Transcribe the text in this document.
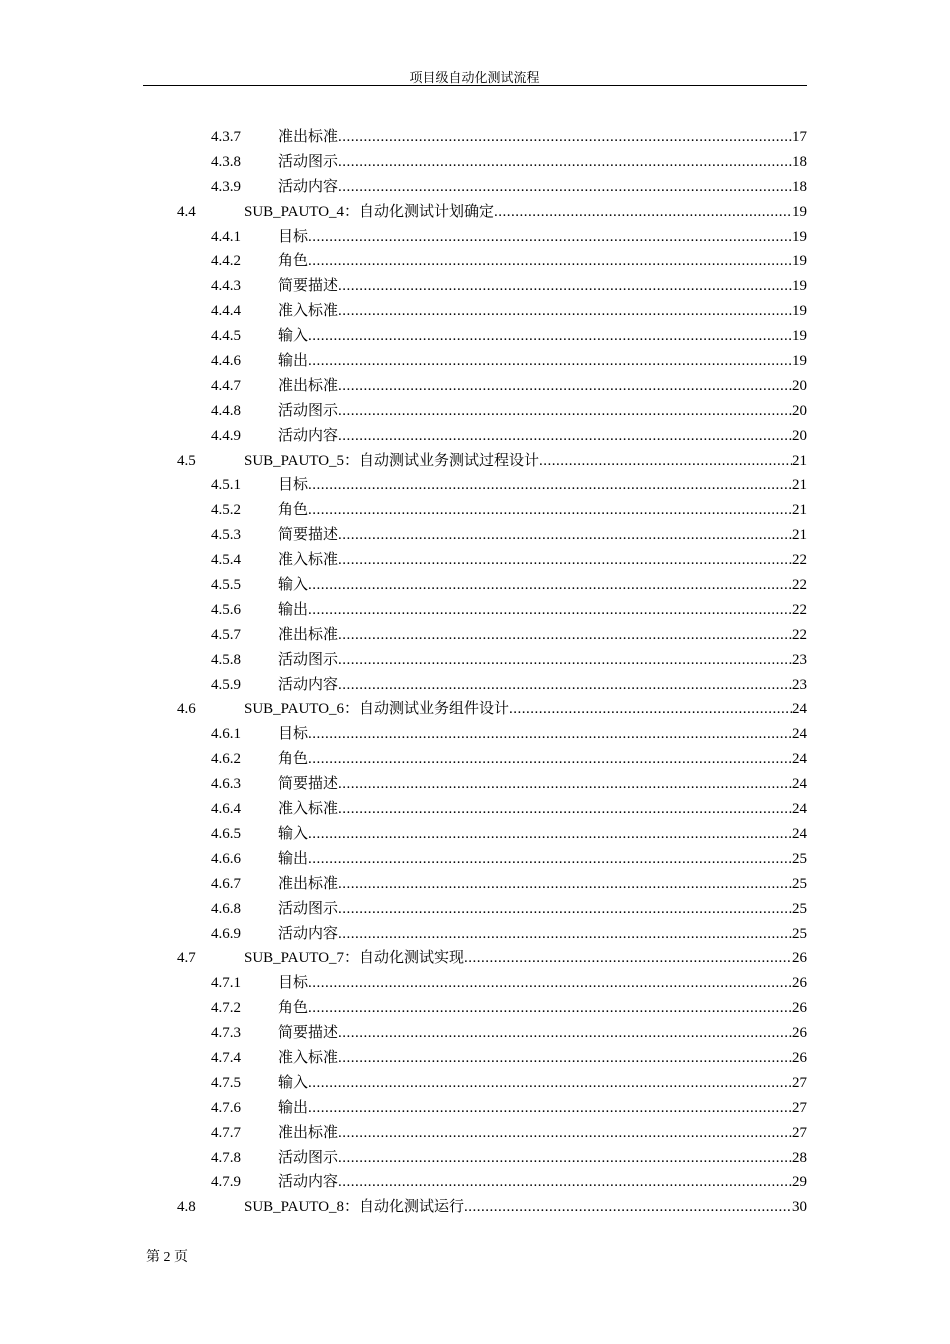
项目级自动化测试流程
4.3.7 准出标准 .....	17
4.3.8 活动图示 .....	18
4.3.9 活动内容 .....	18
4.4	SUB_PAUTO_4：自动化测试计划确定 .....	19
4.4.1 目标 .....	19
4.4.2 角色 .....	19
4.4.3 简要描述 .....	19
4.4.4 准入标准 .....	19
4.4.5 输入 .....	19
4.4.6 输出 .....	19
4.4.7 准出标准 .....	20
4.4.8 活动图示 .....	20
4.4.9 活动内容 .....	20
4.5	SUB_PAUTO_5：自动测试业务测试过程设计 .....	21
4.5.1 目标 .....	21
4.5.2 角色 .....	21
4.5.3 简要描述 .....	21
4.5.4 准入标准 .....	22
4.5.5 输入 .....	22
4.5.6 输出 .....	22
4.5.7 准出标准 .....	22
4.5.8 活动图示 .....	23
4.5.9 活动内容 .....	23
4.6	SUB_PAUTO_6：自动测试业务组件设计 .....	24
4.6.1 目标 .....	24
4.6.2 角色 .....	24
4.6.3 简要描述 .....	24
4.6.4 准入标准 .....	24
4.6.5 输入 .....	24
4.6.6 输出 .....	25
4.6.7 准出标准 .....	25
4.6.8 活动图示 .....	25
4.6.9 活动内容 .....	25
4.7	SUB_PAUTO_7：自动化测试实现 .....	26
4.7.1 目标 .....	26
4.7.2 角色 .....	26
4.7.3 简要描述 .....	26
4.7.4 准入标准 .....	26
4.7.5 输入 .....	27
4.7.6 输出 .....	27
4.7.7 准出标准 .....	27
4.7.8 活动图示 .....	28
4.7.9 活动内容 .....	29
4.8	SUB_PAUTO_8：自动化测试运行 .....	30
第 2 页
